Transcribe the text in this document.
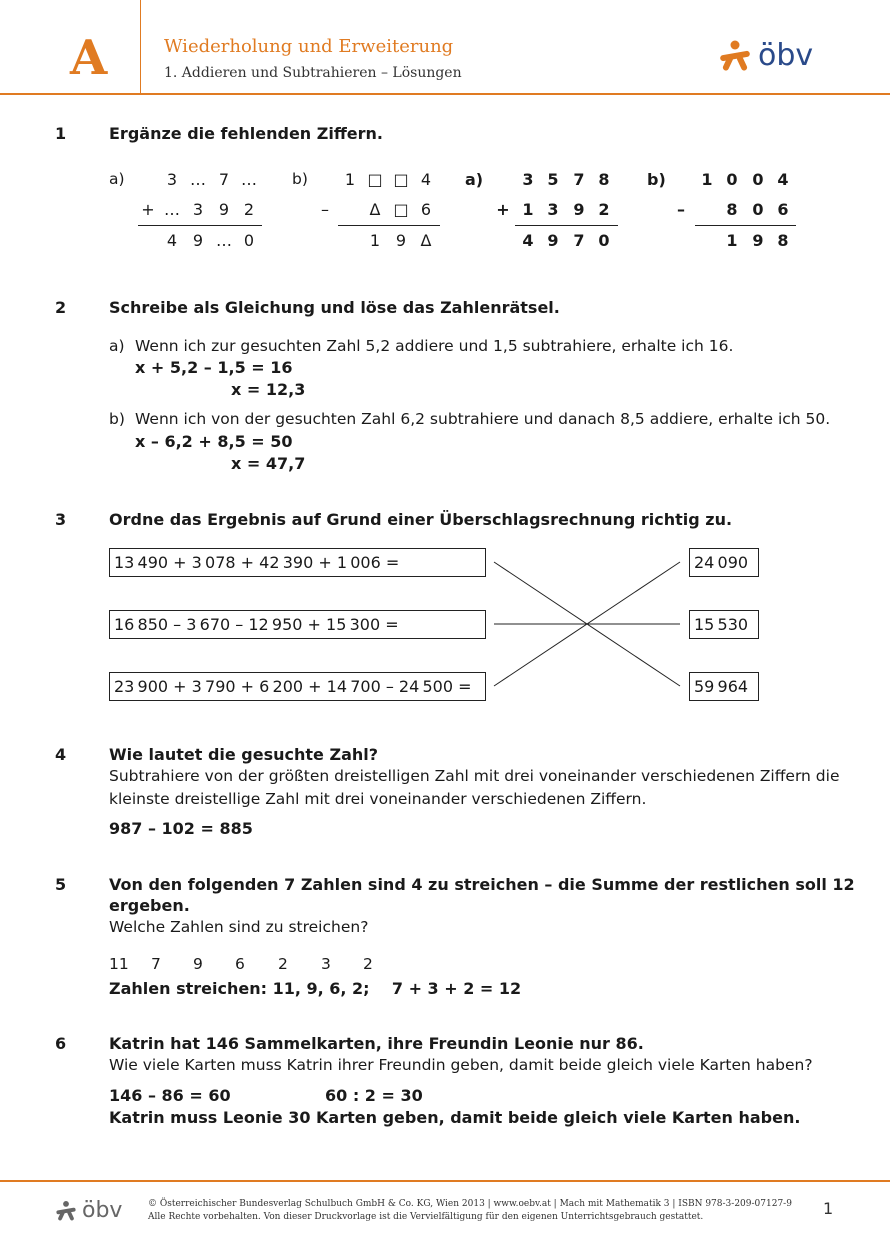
A	Wiederholung und Erweiterung
1. Addieren und Subtrahieren – Lösungen	öbv
1	Ergänze die fehlenden Ziffern.
a)	3 … 7 …
+ … 3 9 2
4 9 … 0
b)	1 □ □ 4
–	Δ □ 6
1 9 Δ
a) 3 5 7 8
+ 1 3 9 2
4 9 7 0
b) 1 0 0 4
–	8 0 6
1 9 8
2	Schreibe als Gleichung und löse das Zahlenrätsel.
a) Wenn ich zur gesuchten Zahl 5,2 addiere und 1,5 subtrahiere, erhalte ich 16.
x + 5,2 – 1,5 = 16
x = 12,3
b) Wenn ich von der gesuchten Zahl 6,2 subtrahiere und danach 8,5 addiere, erhalte ich 50.
x – 6,2 + 8,5 = 50
x = 47,7
3	Ordne das Ergebnis auf Grund einer Überschlagsrechnung richtig zu.
13 490 + 3 078 + 42 390 + 1 006 =
16 850 – 3 670 – 12 950 + 15 300 =
23 900 + 3 790 + 6 200 + 14 700 – 24 500 =
24 090
15 530
59 964
4	Wie lautet die gesuchte Zahl?
Subtrahiere von der größten dreistelligen Zahl mit drei voneinander verschiedenen Ziffern die
kleinste dreistellige Zahl mit drei voneinander verschiedenen Ziffern.
987 – 102 = 885
5	Von den folgenden 7 Zahlen sind 4 zu streichen – die Summe der restlichen soll 12
ergeben.
Welche Zahlen sind zu streichen?
11 7 9 6 2 3 2
Zahlen streichen: 11, 9, 6, 2;    7 + 3 + 2 = 12
6	Katrin hat 146 Sammelkarten, ihre Freundin Leonie nur 86.
Wie viele Karten muss Katrin ihrer Freundin geben, damit beide gleich viele Karten haben?
146 – 86 = 60	60 : 2 = 30
Katrin muss Leonie 30 Karten geben, damit beide gleich viele Karten haben.
öbv	© Österreichischer Bundesverlag Schulbuch GmbH & Co. KG, Wien 2013 | www.oebv.at | Mach mit Mathematik 3 | ISBN 978-3-209-07127-9
Alle Rechte vorbehalten. Von dieser Druckvorlage ist die Vervielfältigung für den eigenen Unterrichtsgebrauch gestattet.	1
